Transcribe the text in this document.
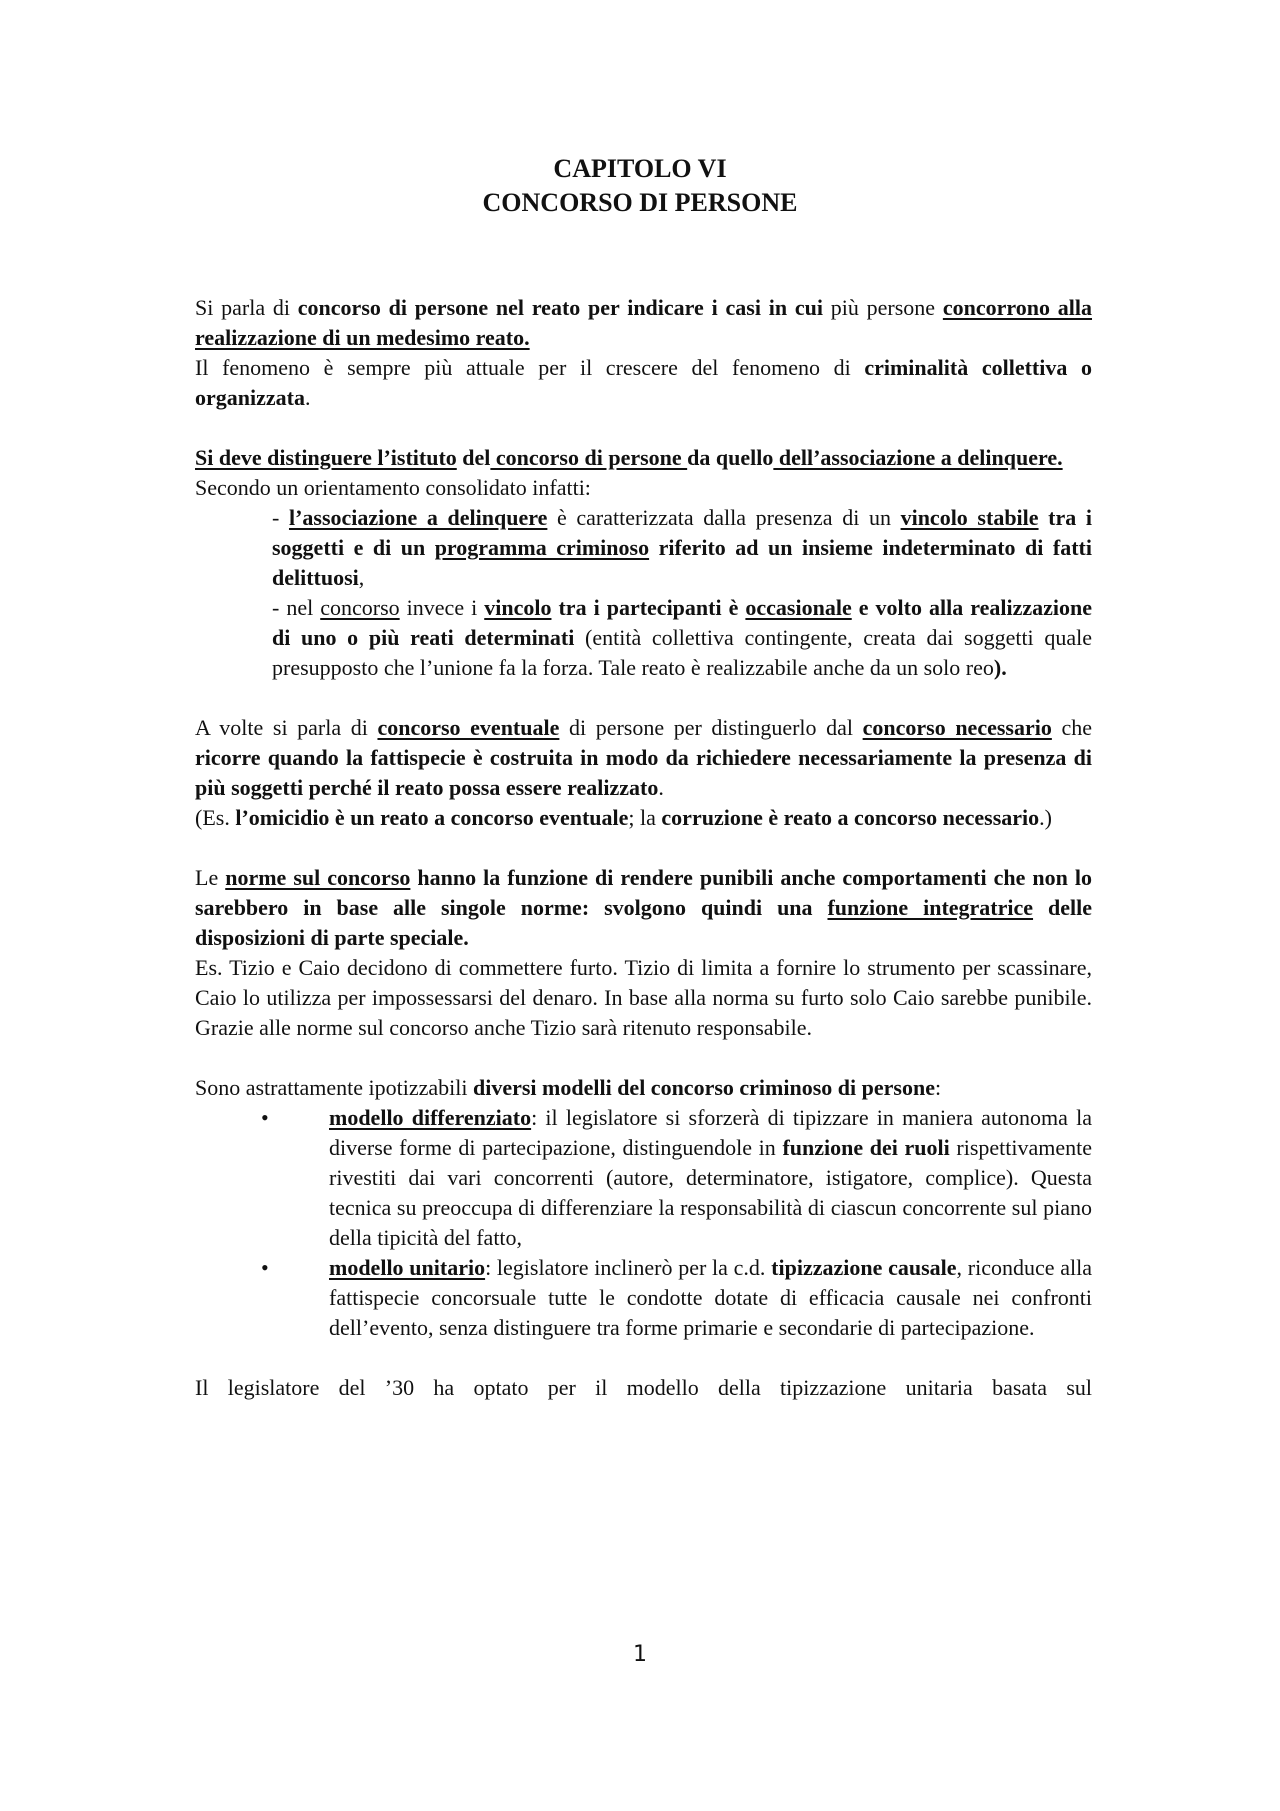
CAPITOLO VI
CONCORSO DI PERSONE

Si parla di concorso di persone nel reato per indicare i casi in cui più persone concorrono alla realizzazione di un medesimo reato.

Il fenomeno è sempre più attuale per il crescere del fenomeno di criminalità collettiva o organizzata.

Si deve distinguere l’istituto del concorso di persone da quello dell’associazione a delinquere.

Secondo un orientamento consolidato infatti:

- l’associazione a delinquere è caratterizzata dalla presenza di un vincolo stabile tra i soggetti e di un programma criminoso riferito ad un insieme indeterminato di fatti delittuosi,

- nel concorso invece i vincolo tra i partecipanti è occasionale e volto alla realizzazione di uno o più reati determinati (entità collettiva contingente, creata dai soggetti quale presupposto che l’unione fa la forza. Tale reato è realizzabile anche da un solo reo).

A volte si parla di concorso eventuale di persone per distinguerlo dal concorso necessario che ricorre quando la fattispecie è costruita in modo da richiedere necessariamente la presenza di più soggetti perché il reato possa essere realizzato.

(Es. l’omicidio è un reato a concorso eventuale; la corruzione è reato a concorso necessario.)

Le norme sul concorso hanno la funzione di rendere punibili anche comportamenti che non lo sarebbero in base alle singole norme: svolgono quindi una funzione integratrice delle disposizioni di parte speciale.

Es. Tizio e Caio decidono di commettere furto. Tizio di limita a fornire lo strumento per scassinare, Caio lo utilizza per impossessarsi del denaro. In base alla norma su furto solo Caio sarebbe punibile. Grazie alle norme sul concorso anche Tizio sarà ritenuto responsabile.

Sono astrattamente ipotizzabili diversi modelli del concorso criminoso di persone:

•	modello differenziato: il legislatore si sforzerà di tipizzare in maniera autonoma la diverse forme di partecipazione, distinguendole in funzione dei ruoli rispettivamente rivestiti dai vari concorrenti (autore, determinatore, istigatore, complice). Questa tecnica su preoccupa di differenziare la responsabilità di ciascun concorrente sul piano della tipicità del fatto,
•	modello unitario: legislatore inclinerò per la c.d. tipizzazione causale, riconduce alla fattispecie concorsuale tutte le condotte dotate di efficacia causale nei confronti dell’evento, senza distinguere tra forme primarie e secondarie di partecipazione.

Il legislatore del ’30 ha optato per il modello della tipizzazione unitaria basata sul

1
